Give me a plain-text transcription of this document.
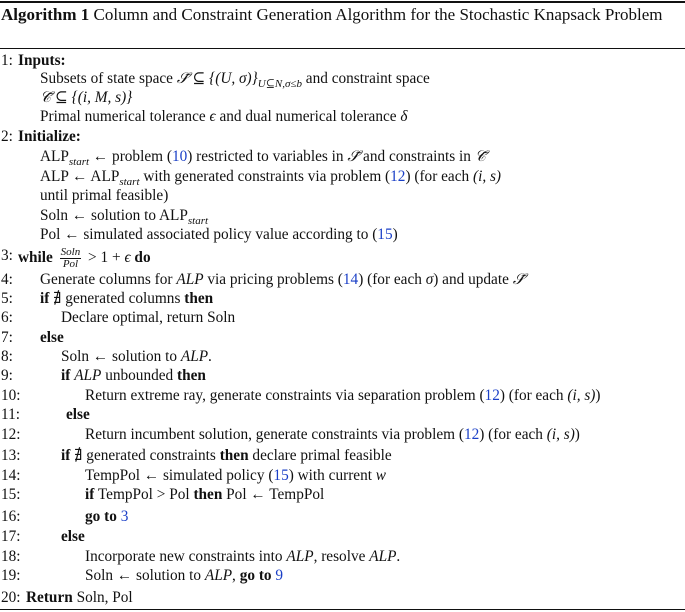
Algorithm 1 Column and Constraint Generation Algorithm for the Stochastic Knapsack Problem
1: Inputs:
Subsets of state space 𝒮̃ ⊆ {(U, $\sigma)\}_{U⊆N,\sigma\le b}$ and constraint space
𝒞̃ ⊆ {(i, M, s)}
Primal numerical tolerance ϵ and dual numerical tolerance δ
2: Initialize:
$ALP_{start}$ ← problem (10) restricted to variables in 𝒮̃ and constraints in 𝒞̃
ALP ← $ALP_{start}$ with generated constraints via problem (12) (for each (i, s)
until primal feasible)
Soln ← solution to $ALP_{start}$
Pol ← simulated associated policy value according to (15)
3: while $\frac{Soln}{\text{Pol}} > 1 + \epsilon$ do
4: Generate columns for ALP via pricing problems (14) (for each σ) and update 𝒮̃
5: if ∄ generated columns then
6:	Declare optimal, return Soln
7: else
8:	Soln ← solution to ALP.
9:	if ALP unbounded then
10:	Return extreme ray, generate constraints via separation problem (12) (for each (i, s))
11:	else
12:	Return incumbent solution, generate constraints via problem (12) (for each (i, s))
13:	if ∄ generated constraints then declare primal feasible
14:	TempPol ← simulated policy (15) with current w
15:	if TempPol > Pol then Pol ← TempPol
16:	go to 3
17:	else
18:	Incorporate new constraints into ALP, resolve ALP.
19:	Soln ← solution to ALP, go to 9
20: Return Soln, Pol
